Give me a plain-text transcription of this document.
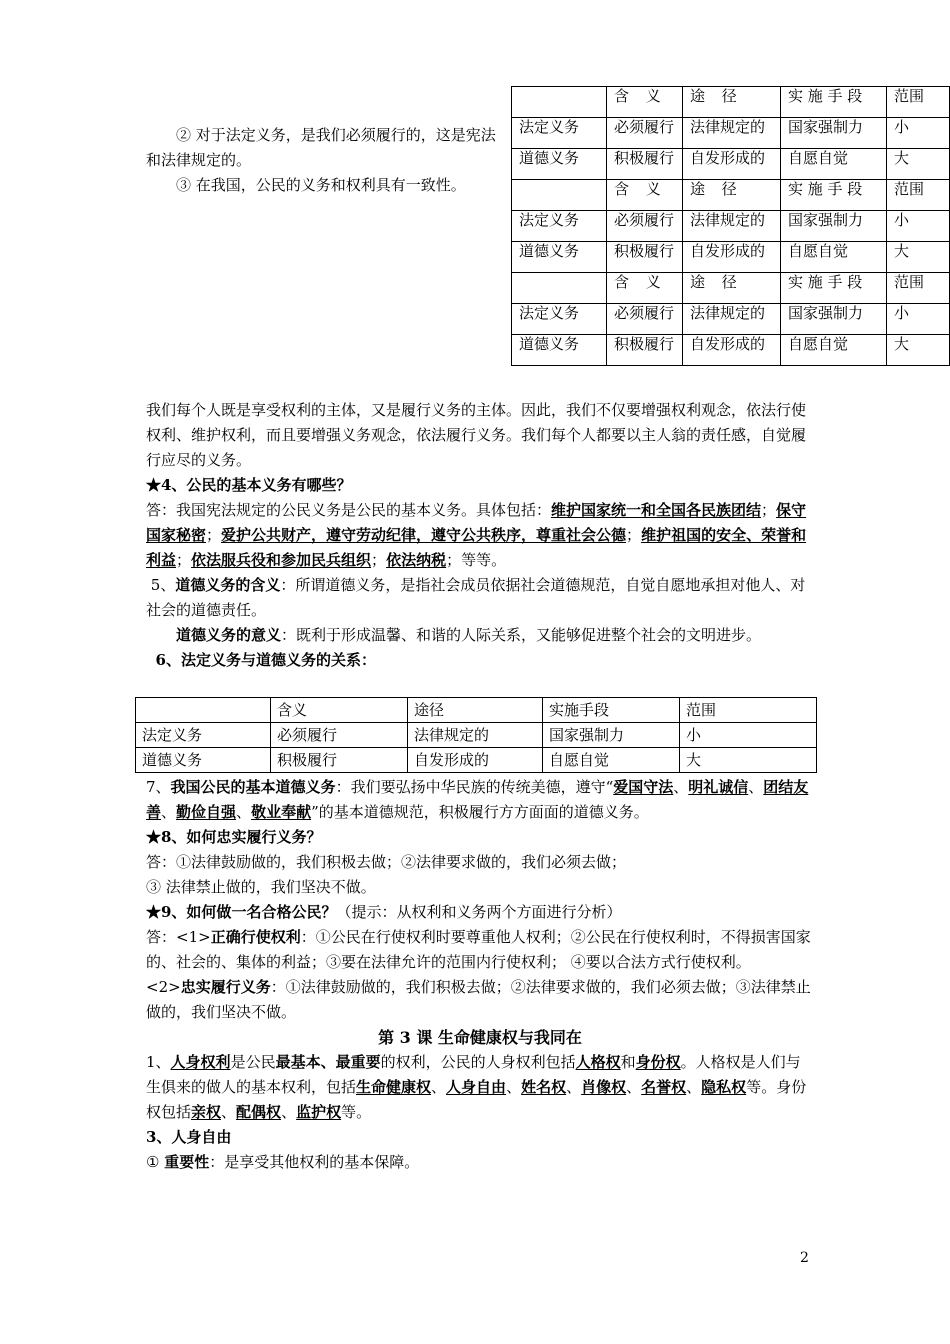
② 对于法定义务，是我们必须履行的，这是宪法和法律规定的。

③ 在我国，公民的义务和权利具有一致性。

	含 义	途 径	实 施 手 段	范围
法定义务	必须履行	法律规定的	国家强制力	小
道德义务	积极履行	自发形成的	自愿自觉	大
	含 义	途 径	实 施 手 段	范围
法定义务	必须履行	法律规定的	国家强制力	小
道德义务	积极履行	自发形成的	自愿自觉	大
	含 义	途 径	实 施 手 段	范围
法定义务	必须履行	法律规定的	国家强制力	小
道德义务	积极履行	自发形成的	自愿自觉	大

我们每个人既是享受权利的主体，又是履行义务的主体。因此，我们不仅要增强权利观念，依法行使权利、维护权利，而且要增强义务观念，依法履行义务。我们每个人都要以主人翁的责任感，自觉履行应尽的义务。

★4、公民的基本义务有哪些？

答：我国宪法规定的公民义务是公民的基本义务。具体包括：维护国家统一和全国各民族团结；保守国家秘密；爱护公共财产，遵守劳动纪律，遵守公共秩序，尊重社会公德；维护祖国的安全、荣誉和利益；依法服兵役和参加民兵组织；依法纳税；等等。

5、道德义务的含义：所谓道德义务，是指社会成员依据社会道德规范，自觉自愿地承担对他人、对社会的道德责任。

道德义务的意义：既利于形成温馨、和谐的人际关系，又能够促进整个社会的文明进步。

6、法定义务与道德义务的关系：

	含义	途径	实施手段	范围
法定义务	必须履行	法律规定的	国家强制力	小
道德义务	积极履行	自发形成的	自愿自觉	大

7、我国公民的基本道德义务：我们要弘扬中华民族的传统美德，遵守“爱国守法、明礼诚信、团结友善、勤俭自强、敬业奉献”的基本道德规范，积极履行方方面面的道德义务。

★8、如何忠实履行义务？

答：①法律鼓励做的，我们积极去做；②法律要求做的，我们必须去做；

③ 法律禁止做的，我们坚决不做。

★9、如何做一名合格公民？（提示：从权利和义务两个方面进行分析）

答：<1>正确行使权利：①公民在行使权利时要尊重他人权利；②公民在行使权利时，不得损害国家的、社会的、集体的利益；③要在法律允许的范围内行使权利； ④要以合法方式行使权利。

<2>忠实履行义务：①法律鼓励做的，我们积极去做；②法律要求做的，我们必须去做；③法律禁止做的，我们坚决不做。

第 3 课 生命健康权与我同在

1、人身权利是公民最基本、最重要的权利，公民的人身权利包括人格权和身份权。人格权是人们与生俱来的做人的基本权利，包括生命健康权、人身自由、姓名权、肖像权、名誉权、隐私权等。身份权包括亲权、配偶权、监护权等。

3、人身自由

① 重要性：是享受其他权利的基本保障。

2
